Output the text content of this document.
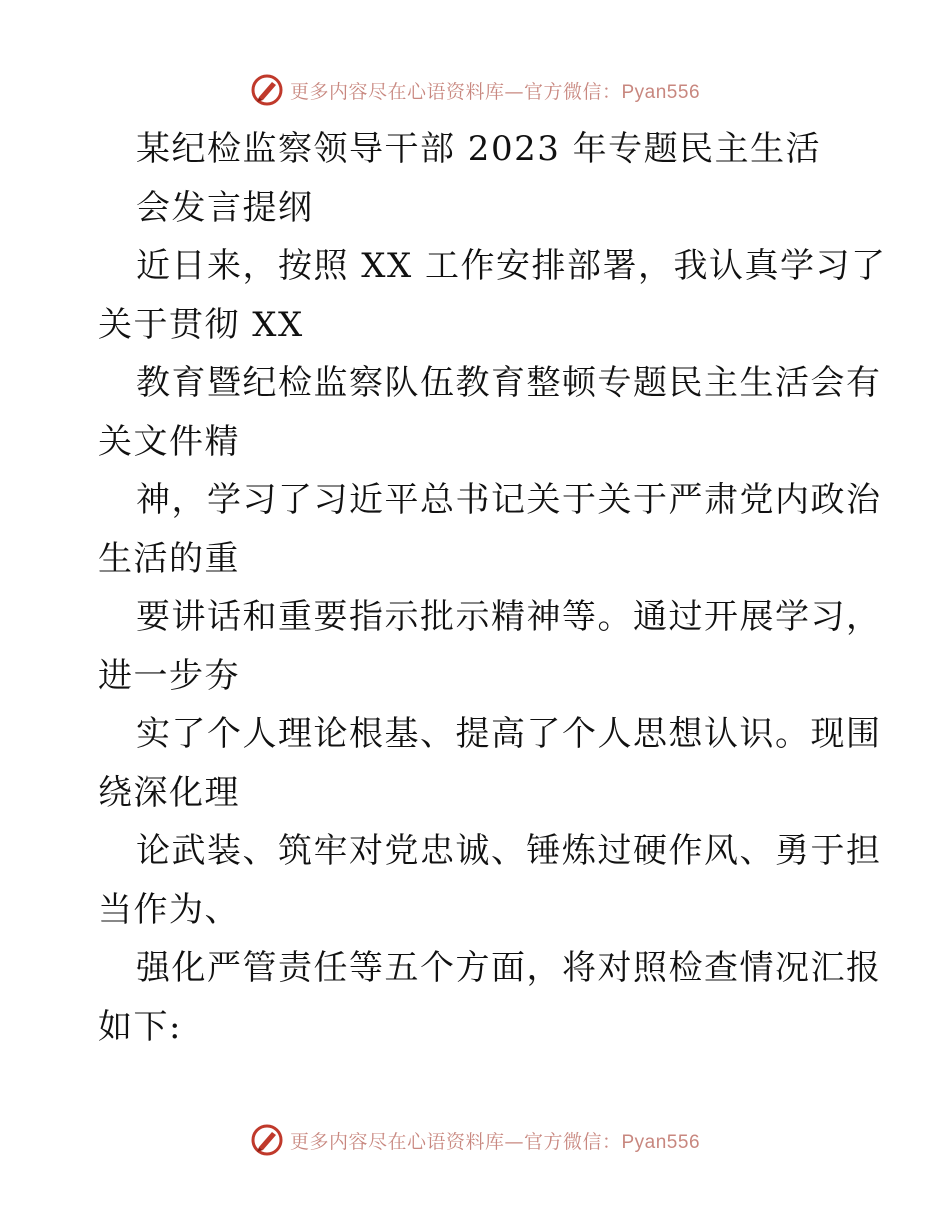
更多内容尽在心语资料库—官方微信：Pyan556
某纪检监察领导干部 2023 年专题民主生活
会发言提纲
近日来，按照 XX 工作安排部署，我认真学习了
关于贯彻 XX
教育暨纪检监察队伍教育整顿专题民主生活会有
关文件精
神，学习了习近平总书记关于关于严肃党内政治
生活的重
要讲话和重要指示批示精神等。通过开展学习，
进一步夯
实了个人理论根基、提高了个人思想认识。现围
绕深化理
论武装、筑牢对党忠诚、锤炼过硬作风、勇于担
当作为、
强化严管责任等五个方面，将对照检查情况汇报
如下:
更多内容尽在心语资料库—官方微信：Pyan556
